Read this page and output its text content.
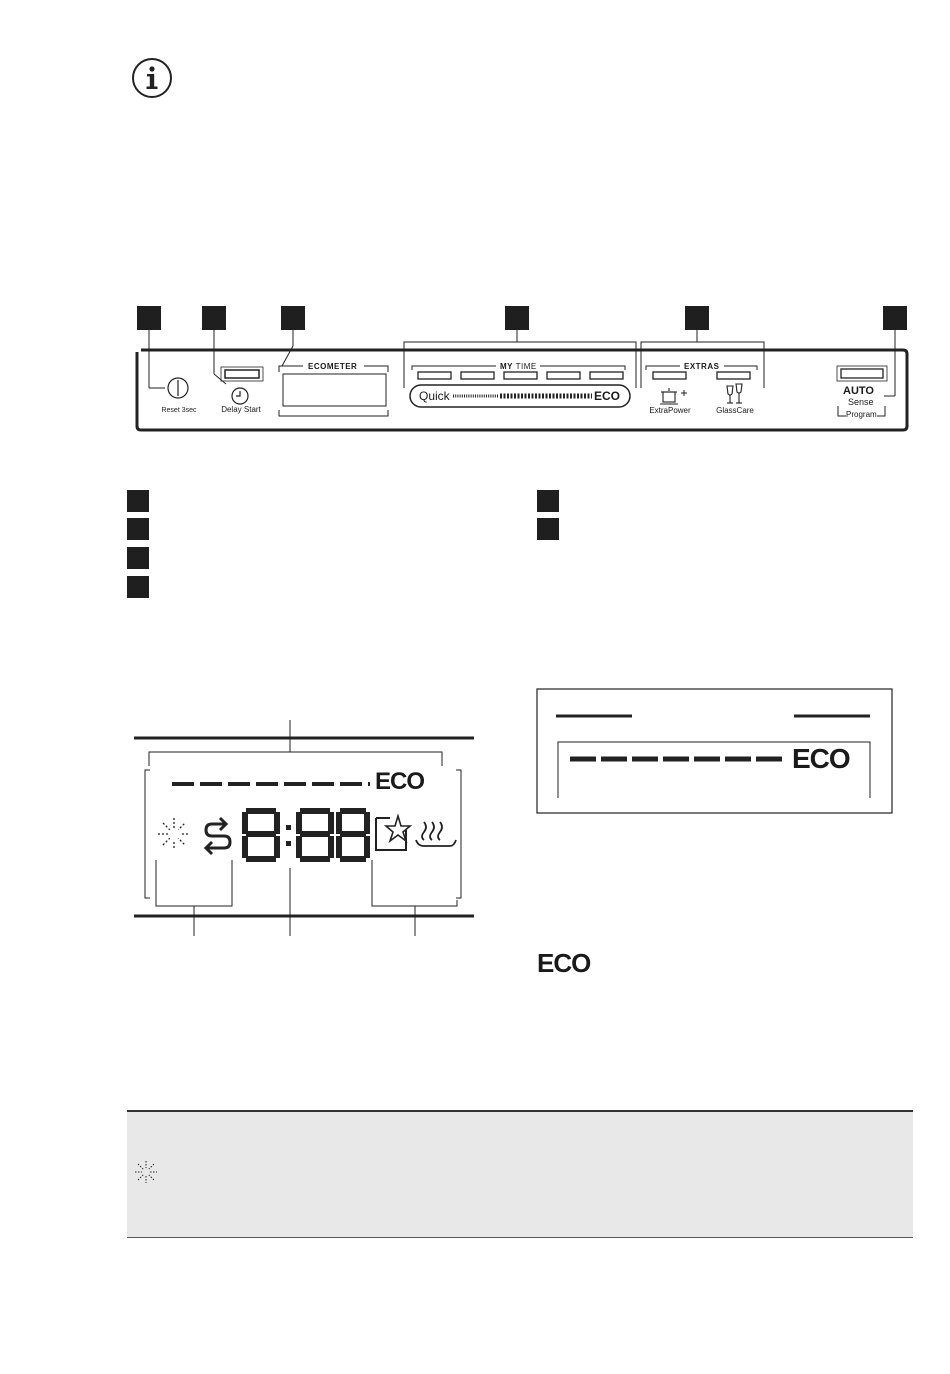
ECOMETER	MY TIME	EXTRAS
Reset 3sec	Delay Start
Quick	ECO
ExtraPower	GlassCare
AUTO
Sense
Program
ECO
ECO
ECO
